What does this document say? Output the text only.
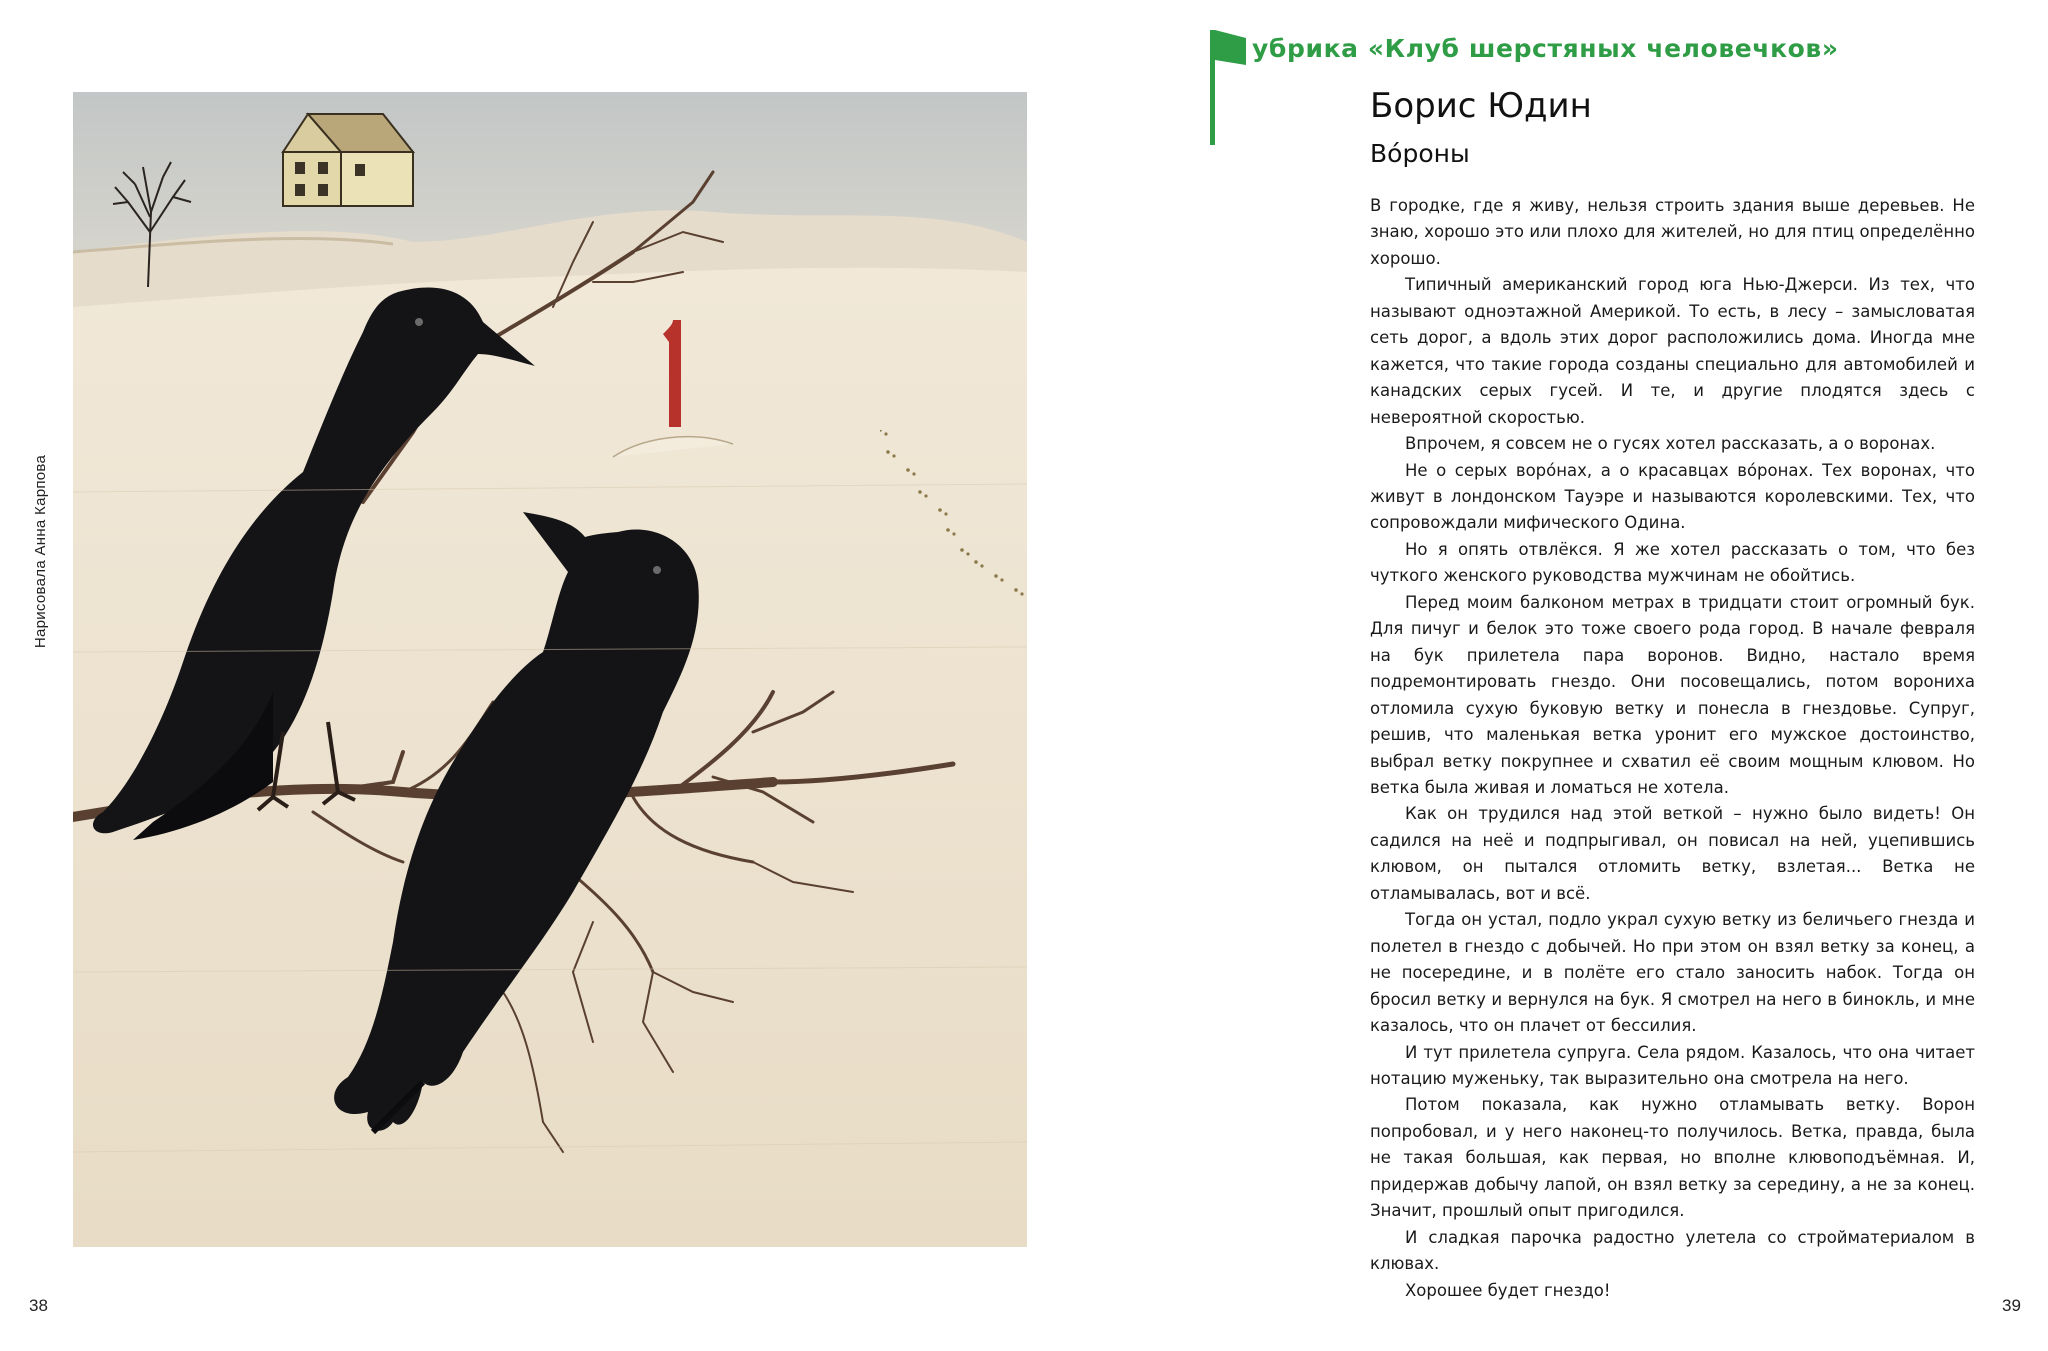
Нарисовала Анна Карпова
38
убрика «Клуб шерстяных человечков»
Борис Юдин
Во́роны

В городке, где я живу, нельзя строить здания выше деревьев. Не знаю, хорошо это или плохо для жителей, но для птиц определённо хорошо.

Типичный американский город юга Нью-Джерси. Из тех, что называют одноэтажной Америкой. То есть, в лесу – замысловатая сеть дорог, а вдоль этих дорог расположились дома. Иногда мне кажется, что такие города созданы специально для автомобилей и канадских серых гусей. И те, и другие плодятся здесь с невероятной скоростью.

Впрочем, я совсем не о гусях хотел рассказать, а о воронах.

Не о серых воро́нах, а о красавцах во́ронах. Тех воронах, что живут в лондонском Тауэре и называются королевскими. Тех, что сопровождали мифического Одина.

Но я опять отвлёкся. Я же хотел рассказать о том, что без чуткого женского руководства мужчинам не обойтись.

Перед моим балконом метрах в тридцати стоит огромный бук. Для пичуг и белок это тоже своего рода город. В начале февраля на бук прилетела пара воронов. Видно, настало время подремонтировать гнездо. Они посовещались, потом ворониха отломила сухую буковую ветку и понесла в гнездовье. Супруг, решив, что маленькая ветка уронит его мужское достоинство, выбрал ветку покрупнее и схватил её своим мощным клювом. Но ветка была живая и ломаться не хотела.

Как он трудился над этой веткой – нужно было видеть! Он садился на неё и подпрыгивал, он повисал на ней, уцепившись клювом, он пытался отломить ветку, взлетая... Ветка не отламывалась, вот и всё.

Тогда он устал, подло украл сухую ветку из беличьего гнезда и полетел в гнездо с добычей. Но при этом он взял ветку за конец, а не посередине, и в полёте его стало заносить набок. Тогда он бросил ветку и вернулся на бук. Я смотрел на него в бинокль, и мне казалось, что он плачет от бессилия.

И тут прилетела супруга. Села рядом. Казалось, что она читает нотацию муженьку, так выразительно она смотрела на него.

Потом показала, как нужно отламывать ветку. Ворон попробовал, и у него наконец-то получилось. Ветка, правда, была не такая большая, как первая, но вполне клювоподъёмная. И, придержав добычу лапой, он взял ветку за середину, а не за конец. Значит, прошлый опыт пригодился.

И сладкая парочка радостно улетела со стройматериалом в клювах.

Хорошее будет гнездо!

39
